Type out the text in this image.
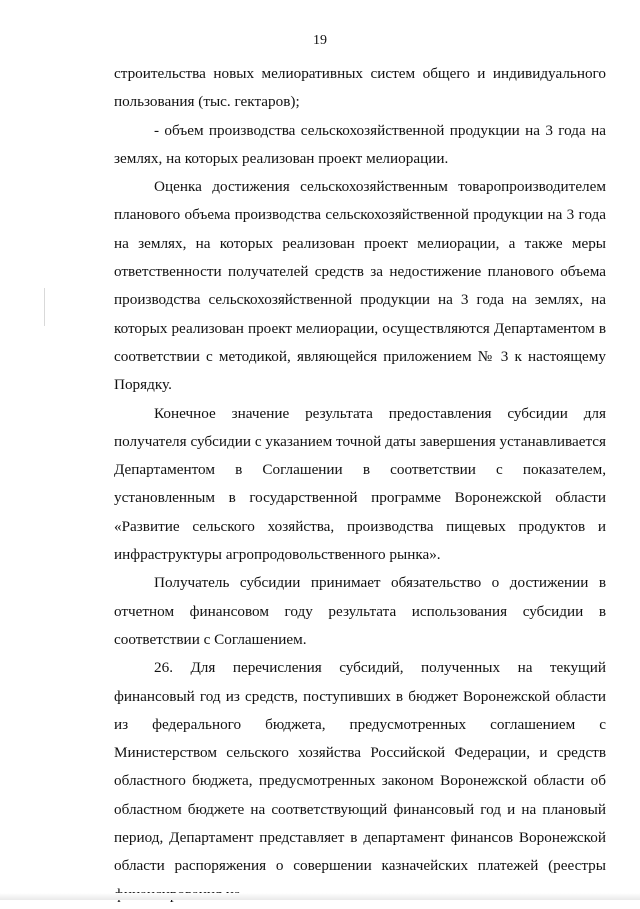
19

строительства новых мелиоративных систем общего и индивидуального пользования (тыс. гектаров);

- объем производства сельскохозяйственной продукции на 3 года на землях, на которых реализован проект мелиорации.

Оценка достижения сельскохозяйственным товаропроизводителем планового объема производства сельскохозяйственной продукции на 3 года на землях, на которых реализован проект мелиорации, а также меры ответственности получателей средств за недостижение планового объема производства сельскохозяйственной продукции на 3 года на землях, на которых реализован проект мелиорации, осуществляются Департаментом в соответствии с методикой, являющейся приложением № 3 к настоящему Порядку.

Конечное значение результата предоставления субсидии для получателя субсидии с указанием точной даты завершения устанавливается Департаментом в Соглашении в соответствии с показателем, установленным в государственной программе Воронежской области «Развитие сельского хозяйства, производства пищевых продуктов и инфраструктуры агропродовольственного рынка».

Получатель субсидии принимает обязательство о достижении в отчетном финансовом году результата использования субсидии в соответствии с Соглашением.

26. Для перечисления субсидий, полученных на текущий финансовый год из средств, поступивших в бюджет Воронежской области из федерального бюджета, предусмотренных соглашением с Министерством сельского хозяйства Российской Федерации, и средств областного бюджета, предусмотренных законом Воронежской области об областном бюджете на соответствующий финансовый год и на плановый период, Департамент представляет в департамент финансов Воронежской области распоряжения о совершении казначейских платежей (реестры
